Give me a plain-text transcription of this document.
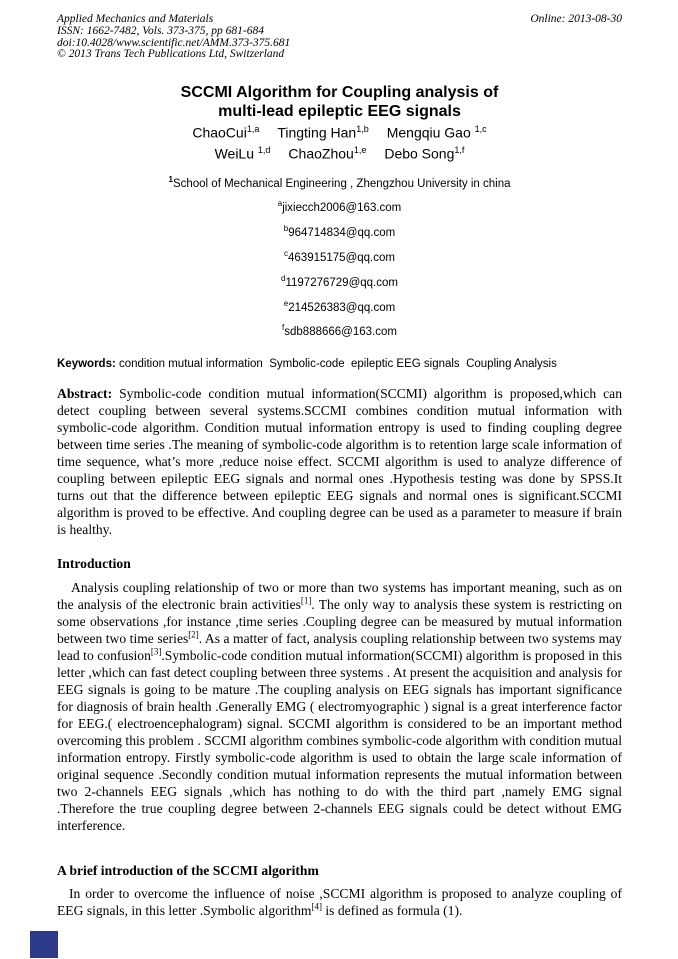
Applied Mechanics and Materials
ISSN: 1662-7482, Vols. 373-375, pp 681-684
doi:10.4028/www.scientific.net/AMM.373-375.681
© 2013 Trans Tech Publications Ltd, Switzerland
Online: 2013-08-30
SCCMI Algorithm for Coupling analysis of
multi-lead epileptic EEG signals
ChaoCui$^{1,a}$ Tingting Han$^{1,b}$ Mengqiu Gao $^{1,c}$
WeiLu $^{1,d}$ ChaoZhou$^{1,e}$ Debo Song$^{1,f}$
$^1$School of Mechanical Engineering , Zhengzhou University in china
$^a$jixiecch2006@163.com
$^b$964714834@qq.com
$^c$463915175@qq.com
$^d$1197276729@qq.com
$^e$214526383@qq.com
$^f$sdb888666@163.com
Keywords: condition mutual information  Symbolic-code  epileptic EEG signals  Coupling Analysis
Abstract: Symbolic-code condition mutual information(SCCMI) algorithm is proposed,which can detect coupling between several systems.SCCMI combines condition mutual information with symbolic-code algorithm. Condition mutual information entropy is used to finding coupling degree between time series .The meaning of symbolic-code algorithm is to retention large scale information of time sequence, what’s more ,reduce noise effect. SCCMI algorithm is used to analyze difference of coupling between epileptic EEG signals and normal ones .Hypothesis testing was done by SPSS.It turns out that the difference between epileptic EEG signals and normal ones is significant.SCCMI algorithm is proved to be effective. And coupling degree can be used as a parameter to measure if brain is healthy.
Introduction
Analysis coupling relationship of two or more than two systems has important meaning, such as on the analysis of the electronic brain activities[1]. The only way to analysis these system is restricting on some observations ,for instance ,time series .Coupling degree can be measured by mutual information between two time series[2]. As a matter of fact, analysis coupling relationship between two systems may lead to confusion[3].Symbolic-code condition mutual information(SCCMI) algorithm is proposed in this letter ,which can fast detect coupling between three systems . At present the acquisition and analysis for EEG signals is going to be mature .The coupling analysis on EEG signals has important significance for diagnosis of brain health .Generally EMG ( electromyographic ) signal is a great interference factor for EEG.( electroencephalogram) signal. SCCMI algorithm is considered to be an important method overcoming this problem . SCCMI algorithm combines symbolic-code algorithm with condition mutual information entropy. Firstly symbolic-code algorithm is used to obtain the large scale information of original sequence .Secondly condition mutual information represents the mutual information between two 2-channels EEG signals ,which has nothing to do with the third part ,namely EMG signal .Therefore the true coupling degree between 2-channels EEG signals could be detect without EMG interference.
A brief introduction of the SCCMI algorithm
In order to overcome the influence of noise ,SCCMI algorithm is proposed to analyze coupling of EEG signals, in this letter .Symbolic algorithm[4] is defined as formula (1).
